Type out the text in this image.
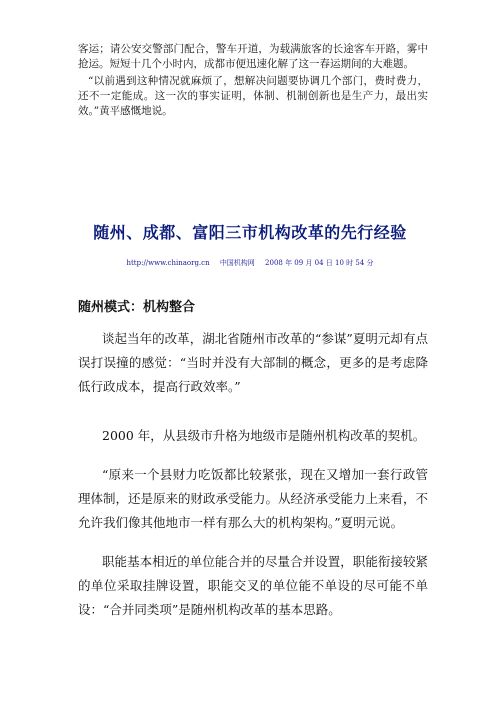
客运；请公安交警部门配合，警车开道，为载满旅客的长途客车开路，雾中抢运。短短十几个小时内，成都市便迅速化解了这一春运期间的大难题。

“以前遇到这种情况就麻烦了，想解决问题要协调几个部门，费时费力，还不一定能成。这一次的事实证明，体制、机制创新也是生产力，最出实效。”黄平感慨地说。

随州、成都、富阳三市机构改革的先行经验

http://www.chinaorg.cn 中国机构网 2008 年 09 月 04 日 10 时 54 分

随州模式：机构整合

谈起当年的改革，湖北省随州市改革的“参谋”夏明元却有点误打误撞的感觉：“当时并没有大部制的概念，更多的是考虑降低行政成本，提高行政效率。”

2000 年，从县级市升格为地级市是随州机构改革的契机。

“原来一个县财力吃饭都比较紧张，现在又增加一套行政管理体制，还是原来的财政承受能力。从经济承受能力上来看，不允许我们像其他地市一样有那么大的机构架构。”夏明元说。

职能基本相近的单位能合并的尽量合并设置，职能衔接较紧的单位采取挂牌设置，职能交叉的单位能不单设的尽可能不单设：“合并同类项”是随州机构改革的基本思路。
